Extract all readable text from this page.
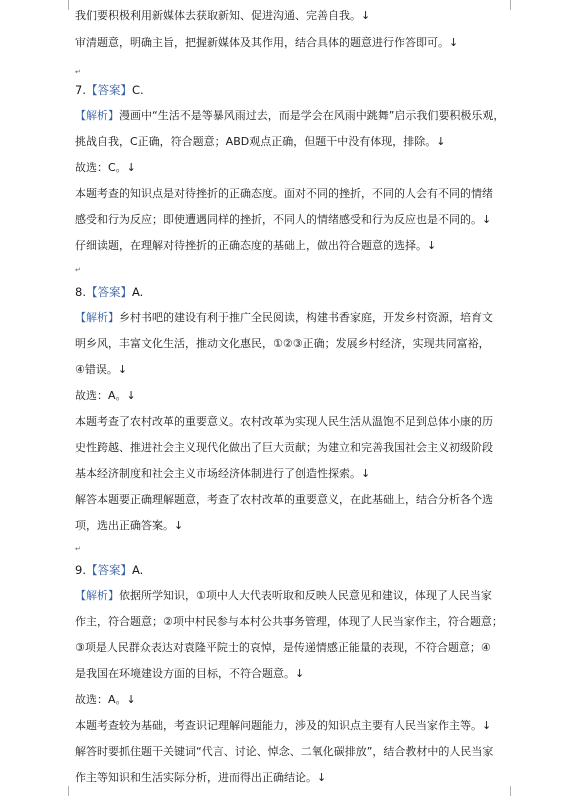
我们要积极利用新媒体去获取新知、促进沟通、完善自我。↓
审清题意，明确主旨，把握新媒体及其作用，结合具体的题意进行作答即可。↓
↵
7.【答案】C.
【解析】漫画中“生活不是等暴风雨过去，而是学会在风雨中跳舞”启示我们要积极乐观，
挑战自我，C正确，符合题意；ABD观点正确，但题干中没有体现，排除。↓
故选：C。↓
本题考查的知识点是对待挫折的正确态度。面对不同的挫折，不同的人会有不同的情绪
感受和行为反应；即使遭遇同样的挫折，不同人的情绪感受和行为反应也是不同的。↓
仔细读题，在理解对待挫折的正确态度的基础上，做出符合题意的选择。↓
↵
8.【答案】A.
【解析】乡村书吧的建设有利于推广全民阅读，构建书香家庭，开发乡村资源，培育文
明乡风，丰富文化生活，推动文化惠民，①②③正确；发展乡村经济，实现共同富裕，
④错误。↓
故选：A。↓
本题考查了农村改革的重要意义。农村改革为实现人民生活从温饱不足到总体小康的历
史性跨越、推进社会主义现代化做出了巨大贡献；为建立和完善我国社会主义初级阶段
基本经济制度和社会主义市场经济体制进行了创造性探索。↓
解答本题要正确理解题意，考查了农村改革的重要意义，在此基础上，结合分析各个选
项，选出正确答案。↓
↵
9.【答案】A.
【解析】依据所学知识，①项中人大代表听取和反映人民意见和建议，体现了人民当家
作主，符合题意；②项中村民参与本村公共事务管理，体现了人民当家作主，符合题意；
③项是人民群众表达对袁隆平院士的哀悼，是传递情感正能量的表现，不符合题意；④
是我国在环境建设方面的目标，不符合题意。↓
故选：A。↓
本题考查较为基础，考查识记理解问题能力，涉及的知识点主要有人民当家作主等。↓
解答时要抓住题干关键词“代言、讨论、悼念、二氧化碳排放”，结合教材中的人民当家
作主等知识和生活实际分析，进而得出正确结论。↓
